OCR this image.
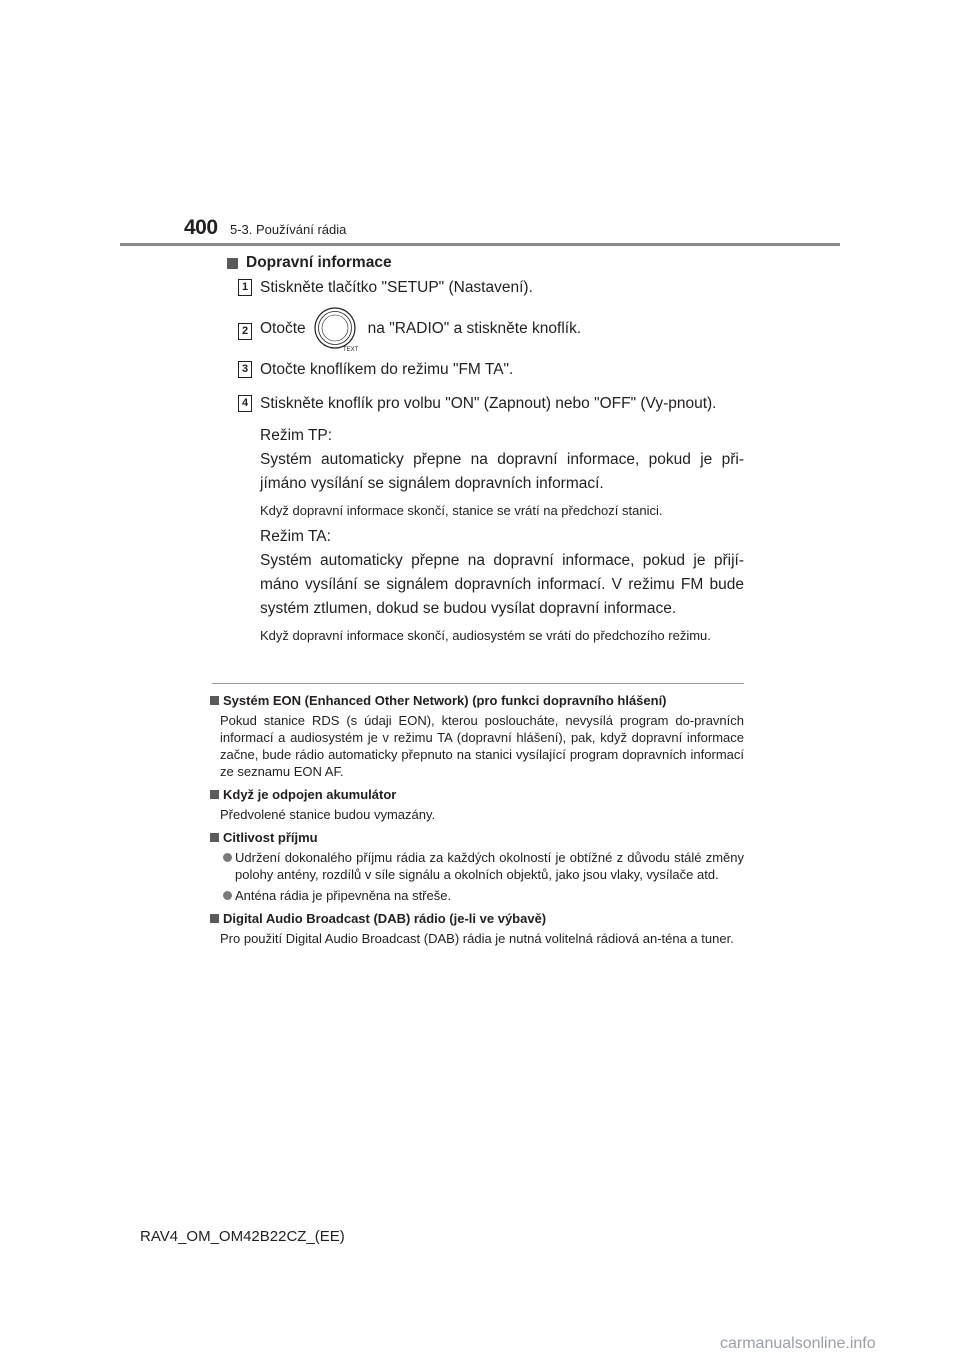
400 5-3. Používání rádia
Dopravní informace
1 Stiskněte tlačítko "SETUP" (Nastavení).
2 Otočte
TEXT
na "RADIO" a stiskněte knoflík.
3 Otočte knoflíkem do režimu "FM TA".
4 Stiskněte knoflík pro volbu "ON" (Zapnout) nebo "OFF" (Vy-pnout).
Režim TP:
Systém automaticky přepne na dopravní informace, pokud je při-jímáno vysílání se signálem dopravních informací.
Když dopravní informace skončí, stanice se vrátí na předchozí stanici.
Režim TA:
Systém automaticky přepne na dopravní informace, pokud je přijí-máno vysílání se signálem dopravních informací. V režimu FM bude systém ztlumen, dokud se budou vysílat dopravní informace.
Když dopravní informace skončí, audiosystém se vrátí do předchozího režimu.
Systém EON (Enhanced Other Network) (pro funkci dopravního hlášení)
Pokud stanice RDS (s údaji EON), kterou posloucháte, nevysílá program do-pravních informací a audiosystém je v režimu TA (dopravní hlášení), pak, když dopravní informace začne, bude rádio automaticky přepnuto na stanici vysílající program dopravních informací ze seznamu EON AF.
Když je odpojen akumulátor
Předvolené stanice budou vymazány.
Citlivost příjmu
Udržení dokonalého příjmu rádia za každých okolností je obtížné z důvodu stálé změny polohy antény, rozdílů v síle signálu a okolních objektů, jako jsou vlaky, vysílače atd.
Anténa rádia je připevněna na střeše.
Digital Audio Broadcast (DAB) rádio (je-li ve výbavě)
Pro použití Digital Audio Broadcast (DAB) rádia je nutná volitelná rádiová an-téna a tuner.
RAV4_OM_OM42B22CZ_(EE)
carmanualsonline.info
